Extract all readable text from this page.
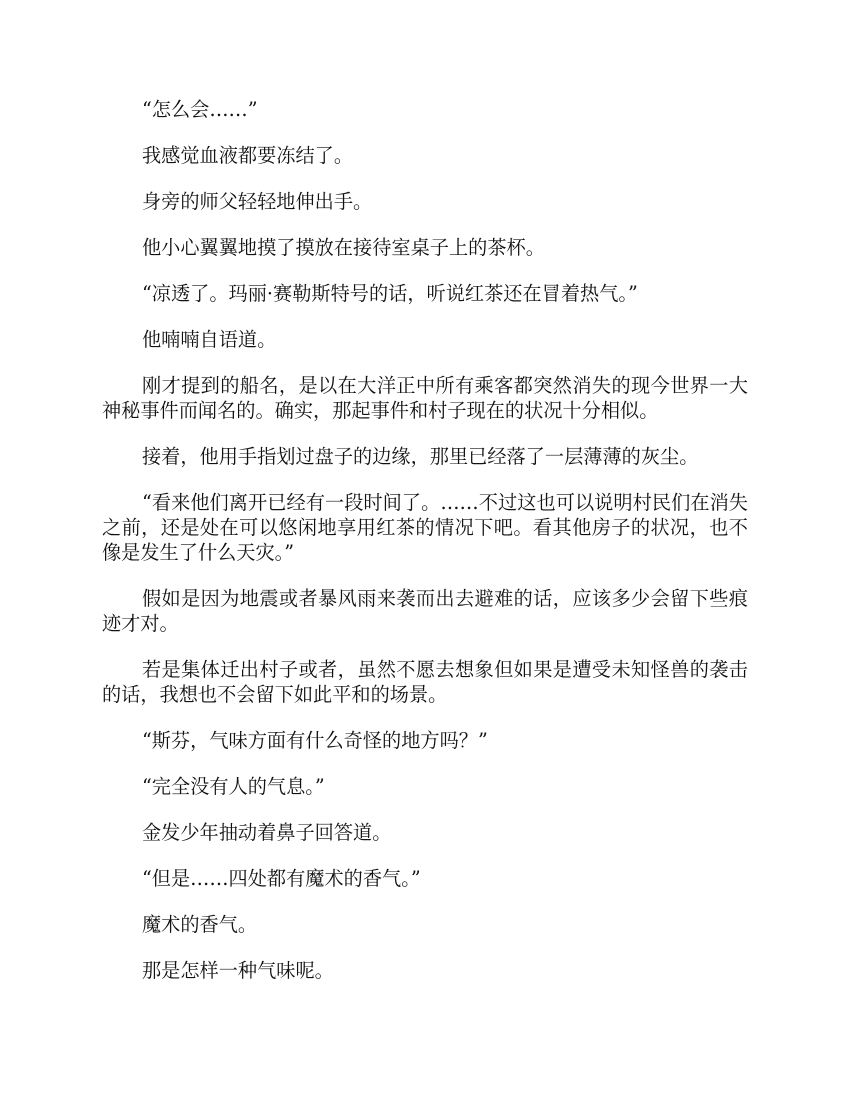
“怎么会……”

我感觉血液都要冻结了。

身旁的师父轻轻地伸出手。

他小心翼翼地摸了摸放在接待室桌子上的茶杯。

“凉透了。玛丽·赛勒斯特号的话，听说红茶还在冒着热气。”

他喃喃自语道。

刚才提到的船名，是以在大洋正中所有乘客都突然消失的现今世界一大神秘事件而闻名的。确实，那起事件和村子现在的状况十分相似。

接着，他用手指划过盘子的边缘，那里已经落了一层薄薄的灰尘。

“看来他们离开已经有一段时间了。……不过这也可以说明村民们在消失之前，还是处在可以悠闲地享用红茶的情况下吧。看其他房子的状况，也不像是发生了什么天灾。”

假如是因为地震或者暴风雨来袭而出去避难的话，应该多少会留下些痕迹才对。

若是集体迁出村子或者，虽然不愿去想象但如果是遭受未知怪兽的袭击的话，我想也不会留下如此平和的场景。

“斯芬，气味方面有什么奇怪的地方吗？”

“完全没有人的气息。”

金发少年抽动着鼻子回答道。

“但是……四处都有魔术的香气。”

魔术的香气。

那是怎样一种气味呢。
